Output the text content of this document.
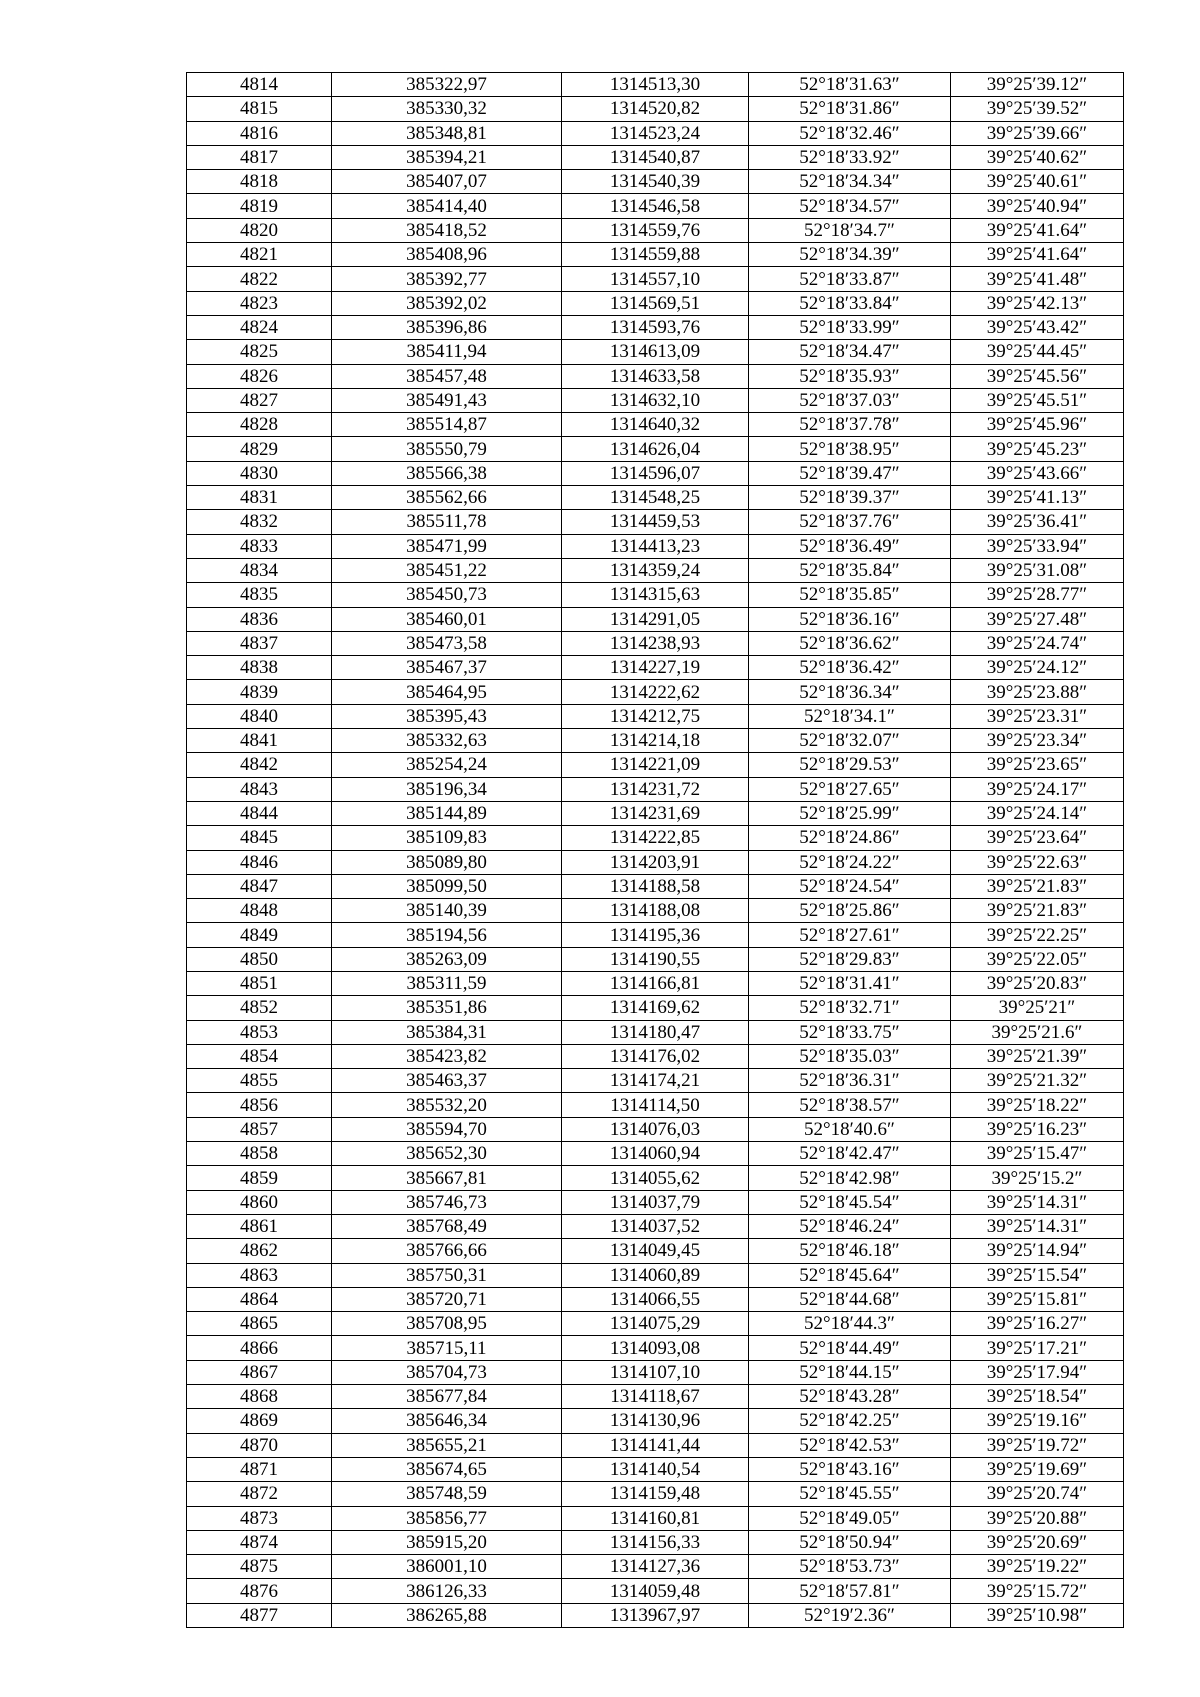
4814	385322,97	1314513,30	52°18′31.63″	39°25′39.12″
4815	385330,32	1314520,82	52°18′31.86″	39°25′39.52″
4816	385348,81	1314523,24	52°18′32.46″	39°25′39.66″
4817	385394,21	1314540,87	52°18′33.92″	39°25′40.62″
4818	385407,07	1314540,39	52°18′34.34″	39°25′40.61″
4819	385414,40	1314546,58	52°18′34.57″	39°25′40.94″
4820	385418,52	1314559,76	52°18′34.7″	39°25′41.64″
4821	385408,96	1314559,88	52°18′34.39″	39°25′41.64″
4822	385392,77	1314557,10	52°18′33.87″	39°25′41.48″
4823	385392,02	1314569,51	52°18′33.84″	39°25′42.13″
4824	385396,86	1314593,76	52°18′33.99″	39°25′43.42″
4825	385411,94	1314613,09	52°18′34.47″	39°25′44.45″
4826	385457,48	1314633,58	52°18′35.93″	39°25′45.56″
4827	385491,43	1314632,10	52°18′37.03″	39°25′45.51″
4828	385514,87	1314640,32	52°18′37.78″	39°25′45.96″
4829	385550,79	1314626,04	52°18′38.95″	39°25′45.23″
4830	385566,38	1314596,07	52°18′39.47″	39°25′43.66″
4831	385562,66	1314548,25	52°18′39.37″	39°25′41.13″
4832	385511,78	1314459,53	52°18′37.76″	39°25′36.41″
4833	385471,99	1314413,23	52°18′36.49″	39°25′33.94″
4834	385451,22	1314359,24	52°18′35.84″	39°25′31.08″
4835	385450,73	1314315,63	52°18′35.85″	39°25′28.77″
4836	385460,01	1314291,05	52°18′36.16″	39°25′27.48″
4837	385473,58	1314238,93	52°18′36.62″	39°25′24.74″
4838	385467,37	1314227,19	52°18′36.42″	39°25′24.12″
4839	385464,95	1314222,62	52°18′36.34″	39°25′23.88″
4840	385395,43	1314212,75	52°18′34.1″	39°25′23.31″
4841	385332,63	1314214,18	52°18′32.07″	39°25′23.34″
4842	385254,24	1314221,09	52°18′29.53″	39°25′23.65″
4843	385196,34	1314231,72	52°18′27.65″	39°25′24.17″
4844	385144,89	1314231,69	52°18′25.99″	39°25′24.14″
4845	385109,83	1314222,85	52°18′24.86″	39°25′23.64″
4846	385089,80	1314203,91	52°18′24.22″	39°25′22.63″
4847	385099,50	1314188,58	52°18′24.54″	39°25′21.83″
4848	385140,39	1314188,08	52°18′25.86″	39°25′21.83″
4849	385194,56	1314195,36	52°18′27.61″	39°25′22.25″
4850	385263,09	1314190,55	52°18′29.83″	39°25′22.05″
4851	385311,59	1314166,81	52°18′31.41″	39°25′20.83″
4852	385351,86	1314169,62	52°18′32.71″	39°25′21″
4853	385384,31	1314180,47	52°18′33.75″	39°25′21.6″
4854	385423,82	1314176,02	52°18′35.03″	39°25′21.39″
4855	385463,37	1314174,21	52°18′36.31″	39°25′21.32″
4856	385532,20	1314114,50	52°18′38.57″	39°25′18.22″
4857	385594,70	1314076,03	52°18′40.6″	39°25′16.23″
4858	385652,30	1314060,94	52°18′42.47″	39°25′15.47″
4859	385667,81	1314055,62	52°18′42.98″	39°25′15.2″
4860	385746,73	1314037,79	52°18′45.54″	39°25′14.31″
4861	385768,49	1314037,52	52°18′46.24″	39°25′14.31″
4862	385766,66	1314049,45	52°18′46.18″	39°25′14.94″
4863	385750,31	1314060,89	52°18′45.64″	39°25′15.54″
4864	385720,71	1314066,55	52°18′44.68″	39°25′15.81″
4865	385708,95	1314075,29	52°18′44.3″	39°25′16.27″
4866	385715,11	1314093,08	52°18′44.49″	39°25′17.21″
4867	385704,73	1314107,10	52°18′44.15″	39°25′17.94″
4868	385677,84	1314118,67	52°18′43.28″	39°25′18.54″
4869	385646,34	1314130,96	52°18′42.25″	39°25′19.16″
4870	385655,21	1314141,44	52°18′42.53″	39°25′19.72″
4871	385674,65	1314140,54	52°18′43.16″	39°25′19.69″
4872	385748,59	1314159,48	52°18′45.55″	39°25′20.74″
4873	385856,77	1314160,81	52°18′49.05″	39°25′20.88″
4874	385915,20	1314156,33	52°18′50.94″	39°25′20.69″
4875	386001,10	1314127,36	52°18′53.73″	39°25′19.22″
4876	386126,33	1314059,48	52°18′57.81″	39°25′15.72″
4877	386265,88	1313967,97	52°19′2.36″	39°25′10.98″
